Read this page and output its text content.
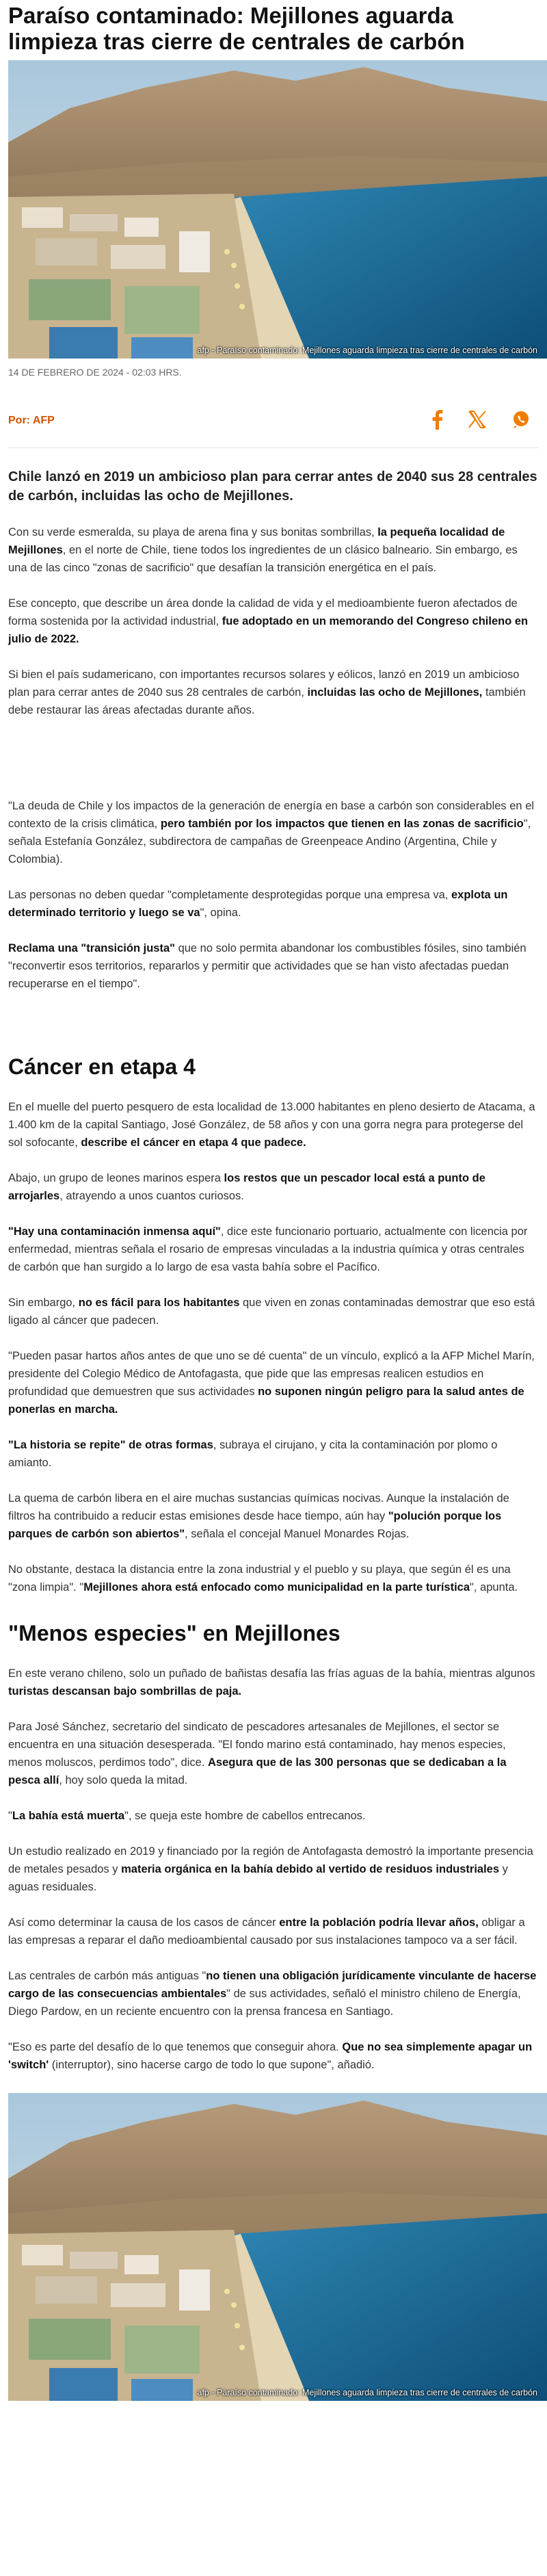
Paraíso contaminado: Mejillones aguarda limpieza tras cierre de centrales de carbón
afp - Paraíso contaminado: Mejillones aguarda limpieza tras cierre de centrales de carbón
14 DE FEBRERO DE 2024 - 02:03 HRS.
Por: AFP

Chile lanzó en 2019 un ambicioso plan para cerrar antes de 2040 sus 28 centrales de carbón, incluidas las ocho de Mejillones.

Con su verde esmeralda, su playa de arena fina y sus bonitas sombrillas, la pequeña localidad de Mejillones, en el norte de Chile, tiene todos los ingredientes de un clásico balneario. Sin embargo, es una de las cinco "zonas de sacrificio" que desafían la transición energética en el país.

Ese concepto, que describe un área donde la calidad de vida y el medioambiente fueron afectados de forma sostenida por la actividad industrial, fue adoptado en un memorando del Congreso chileno en julio de 2022.

Si bien el país sudamericano, con importantes recursos solares y eólicos, lanzó en 2019 un ambicioso plan para cerrar antes de 2040 sus 28 centrales de carbón, incluidas las ocho de Mejillones, también debe restaurar las áreas afectadas durante años.

"La deuda de Chile y los impactos de la generación de energía en base a carbón son considerables en el contexto de la crisis climática, pero también por los impactos que tienen en las zonas de sacrificio", señala Estefanía González, subdirectora de campañas de Greenpeace Andino (Argentina, Chile y Colombia).

Las personas no deben quedar "completamente desprotegidas porque una empresa va, explota un determinado territorio y luego se va", opina.

Reclama una "transición justa" que no solo permita abandonar los combustibles fósiles, sino también "reconvertir esos territorios, repararlos y permitir que actividades que se han visto afectadas puedan recuperarse en el tiempo".

Cáncer en etapa 4

En el muelle del puerto pesquero de esta localidad de 13.000 habitantes en pleno desierto de Atacama, a 1.400 km de la capital Santiago, José González, de 58 años y con una gorra negra para protegerse del sol sofocante, describe el cáncer en etapa 4 que padece.

Abajo, un grupo de leones marinos espera los restos que un pescador local está a punto de arrojarles, atrayendo a unos cuantos curiosos.

"Hay una contaminación inmensa aquí", dice este funcionario portuario, actualmente con licencia por enfermedad, mientras señala el rosario de empresas vinculadas a la industria química y otras centrales de carbón que han surgido a lo largo de esa vasta bahía sobre el Pacífico.

Sin embargo, no es fácil para los habitantes que viven en zonas contaminadas demostrar que eso está ligado al cáncer que padecen.

"Pueden pasar hartos años antes de que uno se dé cuenta" de un vínculo, explicó a la AFP Michel Marín, presidente del Colegio Médico de Antofagasta, que pide que las empresas realicen estudios en profundidad que demuestren que sus actividades no suponen ningún peligro para la salud antes de ponerlas en marcha.

"La historia se repite" de otras formas, subraya el cirujano, y cita la contaminación por plomo o amianto.

La quema de carbón libera en el aire muchas sustancias químicas nocivas. Aunque la instalación de filtros ha contribuido a reducir estas emisiones desde hace tiempo, aún hay "polución porque los parques de carbón son abiertos", señala el concejal Manuel Monardes Rojas.

No obstante, destaca la distancia entre la zona industrial y el pueblo y su playa, que según él es una "zona limpia". "Mejillones ahora está enfocado como municipalidad en la parte turística", apunta.

"Menos especies" en Mejillones

En este verano chileno, solo un puñado de bañistas desafía las frías aguas de la bahía, mientras algunos turistas descansan bajo sombrillas de paja.

Para José Sánchez, secretario del sindicato de pescadores artesanales de Mejillones, el sector se encuentra en una situación desesperada. "El fondo marino está contaminado, hay menos especies, menos moluscos, perdimos todo", dice. Asegura que de las 300 personas que se dedicaban a la pesca allí, hoy solo queda la mitad.

"La bahía está muerta", se queja este hombre de cabellos entrecanos.

Un estudio realizado en 2019 y financiado por la región de Antofagasta demostró la importante presencia de metales pesados y materia orgánica en la bahía debido al vertido de residuos industriales y aguas residuales.

Así como determinar la causa de los casos de cáncer entre la población podría llevar años, obligar a las empresas a reparar el daño medioambiental causado por sus instalaciones tampoco va a ser fácil.

Las centrales de carbón más antiguas "no tienen una obligación jurídicamente vinculante de hacerse cargo de las consecuencias ambientales" de sus actividades, señaló el ministro chileno de Energía, Diego Pardow, en un reciente encuentro con la prensa francesa en Santiago.

"Eso es parte del desafío de lo que tenemos que conseguir ahora. Que no sea simplemente apagar un 'switch' (interruptor), sino hacerse cargo de todo lo que supone", añadió.

afp - Paraíso contaminado: Mejillones aguarda limpieza tras cierre de centrales de carbón
